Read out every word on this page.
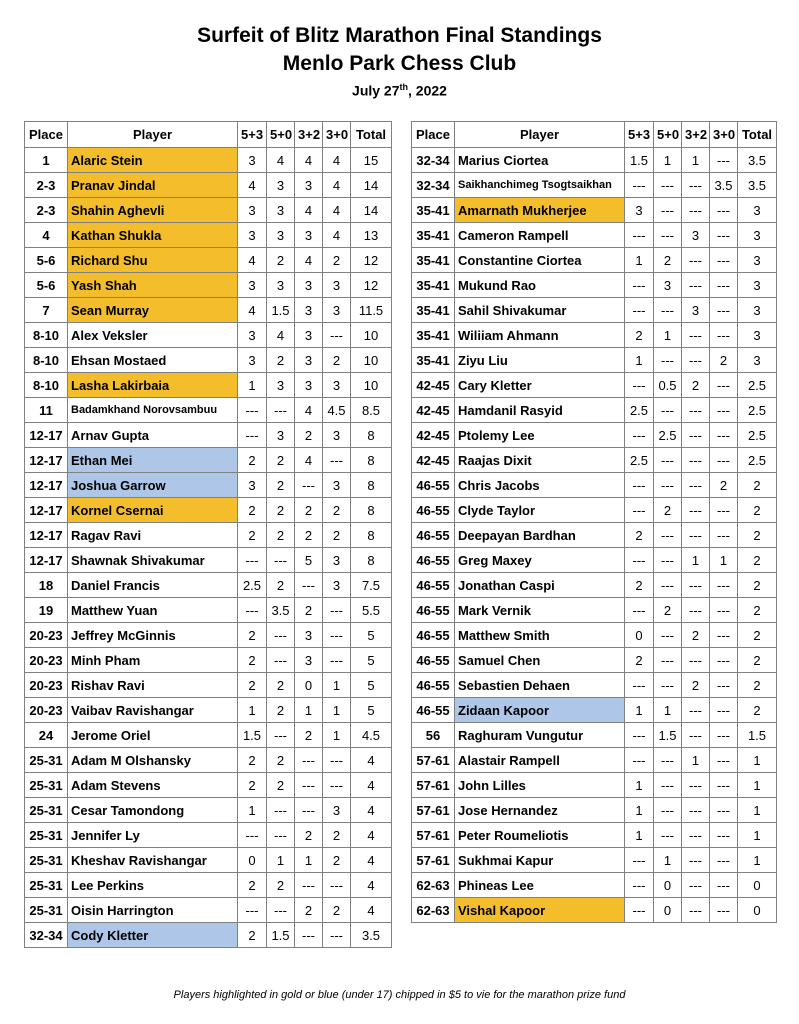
Surfeit of Blitz Marathon Final Standings
Menlo Park Chess Club
July 27th, 2022
Place	Player	5+3	5+0	3+2	3+0	Total
1	Alaric Stein	3	4	4	4	15
2-3	Pranav Jindal	4	3	3	4	14
2-3	Shahin Aghevli	3	3	4	4	14
4	Kathan Shukla	3	3	3	4	13
5-6	Richard Shu	4	2	4	2	12
5-6	Yash Shah	3	3	3	3	12
7	Sean Murray	4	1.5	3	3	11.5
8-10	Alex Veksler	3	4	3	---	10
8-10	Ehsan Mostaed	3	2	3	2	10
8-10	Lasha Lakirbaia	1	3	3	3	10
11	Badamkhand Norovsambuu	---	---	4	4.5	8.5
12-17	Arnav Gupta	---	3	2	3	8
12-17	Ethan Mei	2	2	4	---	8
12-17	Joshua Garrow	3	2	---	3	8
12-17	Kornel Csernai	2	2	2	2	8
12-17	Ragav Ravi	2	2	2	2	8
12-17	Shawnak Shivakumar	---	---	5	3	8
18	Daniel Francis	2.5	2	---	3	7.5
19	Matthew Yuan	---	3.5	2	---	5.5
20-23	Jeffrey McGinnis	2	---	3	---	5
20-23	Minh Pham	2	---	3	---	5
20-23	Rishav Ravi	2	2	0	1	5
20-23	Vaibav Ravishangar	1	2	1	1	5
24	Jerome Oriel	1.5	---	2	1	4.5
25-31	Adam M Olshansky	2	2	---	---	4
25-31	Adam Stevens	2	2	---	---	4
25-31	Cesar Tamondong	1	---	---	3	4
25-31	Jennifer Ly	---	---	2	2	4
25-31	Kheshav Ravishangar	0	1	1	2	4
25-31	Lee Perkins	2	2	---	---	4
25-31	Oisin Harrington	---	---	2	2	4
32-34	Cody Kletter	2	1.5	---	---	3.5
Place	Player	5+3	5+0	3+2	3+0	Total
32-34	Marius Ciortea	1.5	1	1	---	3.5
32-34	Saikhanchimeg Tsogtsaikhan	---	---	---	3.5	3.5
35-41	Amarnath Mukherjee	3	---	---	---	3
35-41	Cameron Rampell	---	---	3	---	3
35-41	Constantine Ciortea	1	2	---	---	3
35-41	Mukund Rao	---	3	---	---	3
35-41	Sahil Shivakumar	---	---	3	---	3
35-41	Wiliiam Ahmann	2	1	---	---	3
35-41	Ziyu Liu	1	---	---	2	3
42-45	Cary Kletter	---	0.5	2	---	2.5
42-45	Hamdanil Rasyid	2.5	---	---	---	2.5
42-45	Ptolemy Lee	---	2.5	---	---	2.5
42-45	Raajas Dixit	2.5	---	---	---	2.5
46-55	Chris Jacobs	---	---	---	2	2
46-55	Clyde Taylor	---	2	---	---	2
46-55	Deepayan Bardhan	2	---	---	---	2
46-55	Greg Maxey	---	---	1	1	2
46-55	Jonathan Caspi	2	---	---	---	2
46-55	Mark Vernik	---	2	---	---	2
46-55	Matthew Smith	0	---	2	---	2
46-55	Samuel Chen	2	---	---	---	2
46-55	Sebastien Dehaen	---	---	2	---	2
46-55	Zidaan Kapoor	1	1	---	---	2
56	Raghuram Vungutur	---	1.5	---	---	1.5
57-61	Alastair Rampell	---	---	1	---	1
57-61	John Lilles	1	---	---	---	1
57-61	Jose Hernandez	1	---	---	---	1
57-61	Peter Roumeliotis	1	---	---	---	1
57-61	Sukhmai Kapur	---	1	---	---	1
62-63	Phineas Lee	---	0	---	---	0
62-63	Vishal Kapoor	---	0	---	---	0
Players highlighted in gold or blue (under 17) chipped in $5 to vie for the marathon prize fund
